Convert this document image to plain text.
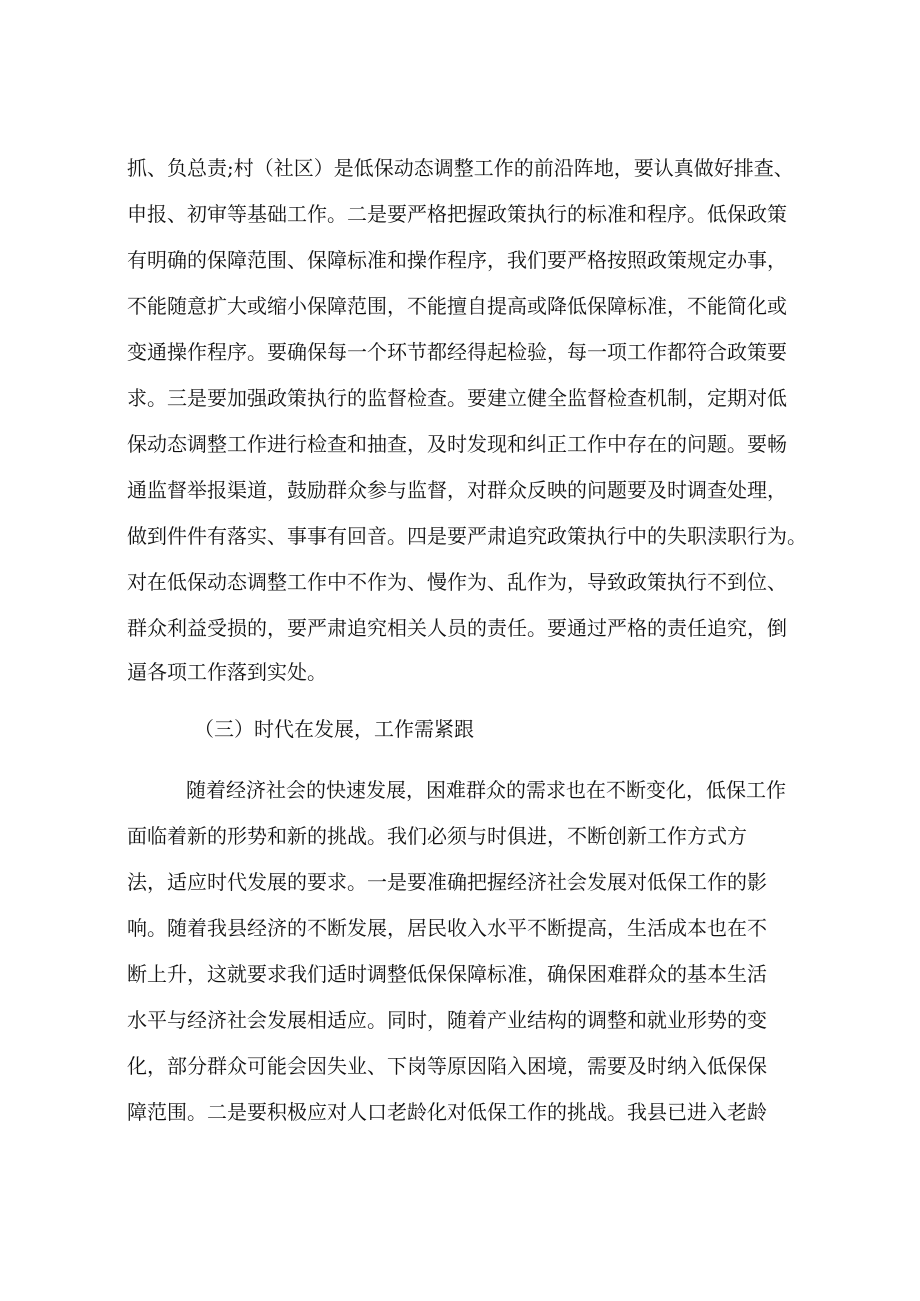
抓、负总责;村（社区）是低保动态调整工作的前沿阵地，要认真做好排查、

申报、初审等基础工作。二是要严格把握政策执行的标准和程序。低保政策

有明确的保障范围、保障标准和操作程序，我们要严格按照政策规定办事，

不能随意扩大或缩小保障范围，不能擅自提高或降低保障标准，不能简化或

变通操作程序。要确保每一个环节都经得起检验，每一项工作都符合政策要

求。三是要加强政策执行的监督检查。要建立健全监督检查机制，定期对低

保动态调整工作进行检查和抽查，及时发现和纠正工作中存在的问题。要畅

通监督举报渠道，鼓励群众参与监督，对群众反映的问题要及时调查处理，

做到件件有落实、事事有回音。四是要严肃追究政策执行中的失职渎职行为。

对在低保动态调整工作中不作为、慢作为、乱作为，导致政策执行不到位、

群众利益受损的，要严肃追究相关人员的责任。要通过严格的责任追究，倒

逼各项工作落到实处。

（三）时代在发展，工作需紧跟

随着经济社会的快速发展，困难群众的需求也在不断变化，低保工作

面临着新的形势和新的挑战。我们必须与时俱进，不断创新工作方式方

法，适应时代发展的要求。一是要准确把握经济社会发展对低保工作的影

响。随着我县经济的不断发展，居民收入水平不断提高，生活成本也在不

断上升，这就要求我们适时调整低保保障标准，确保困难群众的基本生活

水平与经济社会发展相适应。同时，随着产业结构的调整和就业形势的变

化，部分群众可能会因失业、下岗等原因陷入困境，需要及时纳入低保保

障范围。二是要积极应对人口老龄化对低保工作的挑战。我县已进入老龄
